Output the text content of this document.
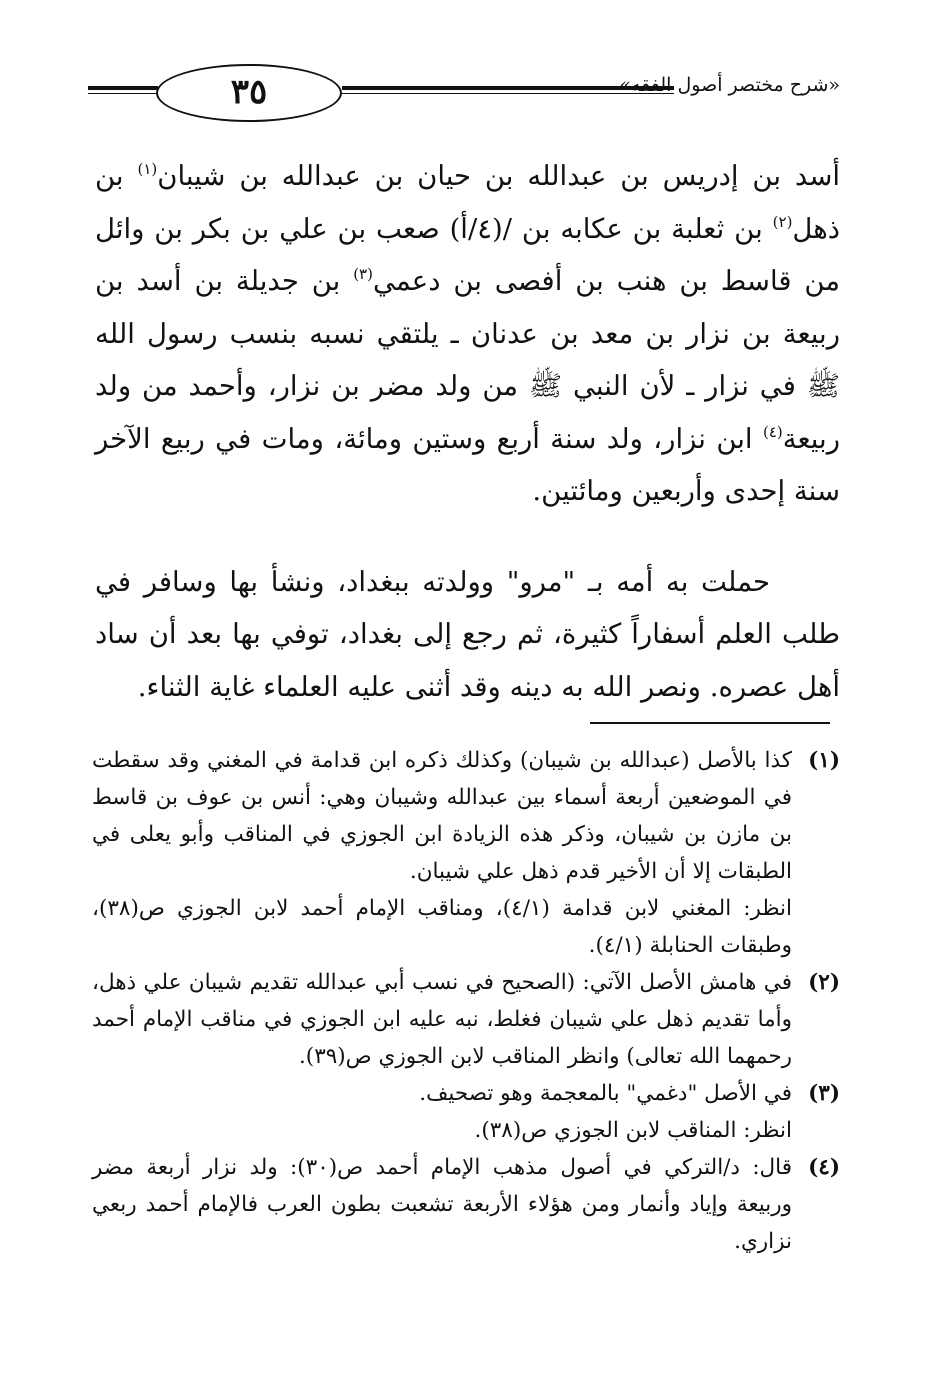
٣٥	«شرح مختصر أصول الفقه»

أسد بن إدريس بن عبدالله بن حيان بن عبدالله بن شيبان$^{(١)}$ بن ذهل$^{(٢)}$ بن ثعلبة بن عكابه بن /(٤/أ) صعب بن علي بن بكر بن وائل من قاسط بن هنب بن أفصى بن دعمي$^{(٣)}$ بن جديلة بن أسد بن ربيعة بن نزار بن معد بن عدنان ـ يلتقي نسبه بنسب رسول الله ﷺ في نزار ـ لأن النبي ﷺ من ولد مضر بن نزار، وأحمد من ولد ربيعة$^{(٤)}$ ابن نزار، ولد سنة أربع وستين ومائة، ومات في ربيع الآخر سنة إحدى وأربعين ومائتين.

حملت به أمه بـ "مرو" وولدته ببغداد، ونشأ بها وسافر في طلب العلم أسفاراً كثيرة، ثم رجع إلى بغداد، توفي بها بعد أن ساد أهل عصره. ونصر الله به دينه وقد أثنى عليه العلماء غاية الثناء.

(١)
كذا بالأصل (عبدالله بن شيبان) وكذلك ذكره ابن قدامة في المغني وقد سقطت في الموضعين أربعة أسماء بين عبدالله وشيبان وهي: أنس بن عوف بن قاسط بن مازن بن شيبان، وذكر هذه الزيادة ابن الجوزي في المناقب وأبو يعلى في الطبقات إلا أن الأخير قدم ذهل علي شيبان.
انظر: المغني لابن قدامة (٤/١)، ومناقب الإمام أحمد لابن الجوزي ص(٣٨)، وطبقات الحنابلة (٤/١).
(٢)
في هامش الأصل الآتي: (الصحيح في نسب أبي عبدالله تقديم شيبان علي ذهل، وأما تقديم ذهل علي شيبان فغلط، نبه عليه ابن الجوزي في مناقب الإمام أحمد رحمهما الله تعالى) وانظر المناقب لابن الجوزي ص(٣٩).
(٣)
في الأصل "دغمي" بالمعجمة وهو تصحيف.
انظر: المناقب لابن الجوزي ص(٣٨).
(٤)
قال: د/التركي في أصول مذهب الإمام أحمد ص(٣٠): ولد نزار أربعة مضر وربيعة وإياد وأنمار ومن هؤلاء الأربعة تشعبت بطون العرب فالإمام أحمد ربعي نزاري.
